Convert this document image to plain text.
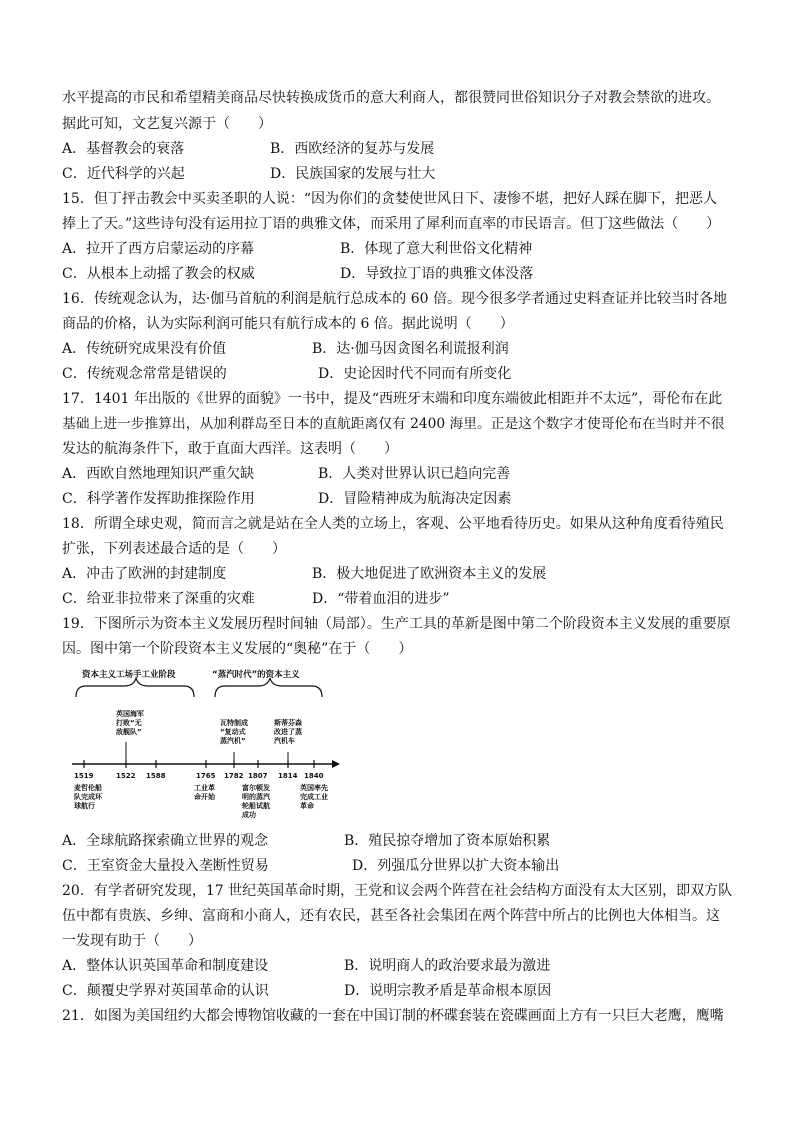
水平提高的市民和希望精美商品尽快转换成货币的意大利商人，都很赞同世俗知识分子对教会禁欲的进攻。
据此可知，文艺复兴源于（　　）
A．基督教会的衰落	B．西欧经济的复苏与发展
C．近代科学的兴起	D．民族国家的发展与壮大
15．但丁抨击教会中买卖圣职的人说：“因为你们的贪婪使世风日下、凄惨不堪，把好人踩在脚下，把恶人
捧上了天。”这些诗句没有运用拉丁语的典雅文体，而采用了犀利而直率的市民语言。但丁这些做法（　　）
A．拉开了西方启蒙运动的序幕	B．体现了意大利世俗文化精神
C．从根本上动摇了教会的权威	D．导致拉丁语的典雅文体没落
16．传统观念认为，达·伽马首航的利润是航行总成本的 60 倍。现今很多学者通过史料查证并比较当时各地
商品的价格，认为实际利润可能只有航行成本的 6 倍。据此说明（　　）
A．传统研究成果没有价值	B．达·伽马因贪图名利谎报利润
C．传统观念常常是错误的	D．史论因时代不同而有所变化
17．1401 年出版的《世界的面貌》一书中，提及“西班牙末端和印度东端彼此相距并不太远”，哥伦布在此
基础上进一步推算出，从加利群岛至日本的直航距离仅有 2400 海里。正是这个数字才使哥伦布在当时并不很
发达的航海条件下，敢于直面大西洋。这表明（　　）
A．西欧自然地理知识严重欠缺	B．人类对世界认识已趋向完善
C．科学著作发挥助推探险作用	D．冒险精神成为航海决定因素
18．所谓全球史观，简而言之就是站在全人类的立场上，客观、公平地看待历史。如果从这种角度看待殖民
扩张，下列表述最合适的是（　　）
A．冲击了欧洲的封建制度	B．极大地促进了欧洲资本主义的发展
C．给亚非拉带来了深重的灾难	D．“带着血泪的进步”
19．下图所示为资本主义发展历程时间轴（局部）。生产工具的革新是图中第二个阶段资本主义发展的重要原
因。图中第一个阶段资本主义发展的“奥秘”在于（　　）
资本主义工场手工业阶段	“蒸汽时代”的资本主义
1519	1522 1588	1765 1782 1807 1814 1840
英国海军
打败“无
敌舰队”
瓦特制成
“复动式
蒸汽机”
斯蒂芬森
改进了蒸
汽机车
麦哲伦船
队完成环
球航行
工业革
命开始
富尔顿发
明的蒸汽
轮船试航
成功
英国率先
完成工业
革命
A．全球航路探索确立世界的观念	B．殖民掠夺增加了资本原始积累
C．王室资金大量投入垄断性贸易	D．列强瓜分世界以扩大资本输出
20．有学者研究发现，17 世纪英国革命时期，王党和议会两个阵营在社会结构方面没有太大区别，即双方队
伍中都有贵族、乡绅、富商和小商人，还有农民，甚至各社会集团在两个阵营中所占的比例也大体相当。这
一发现有助于（　　）
A．整体认识英国革命和制度建设	B．说明商人的政治要求最为激进
C．颠覆史学界对英国革命的认识	D．说明宗教矛盾是革命根本原因
21．如图为美国纽约大都会博物馆收藏的一套在中国订制的杯碟套装在瓷碟画面上方有一只巨大老鹰，鹰嘴
